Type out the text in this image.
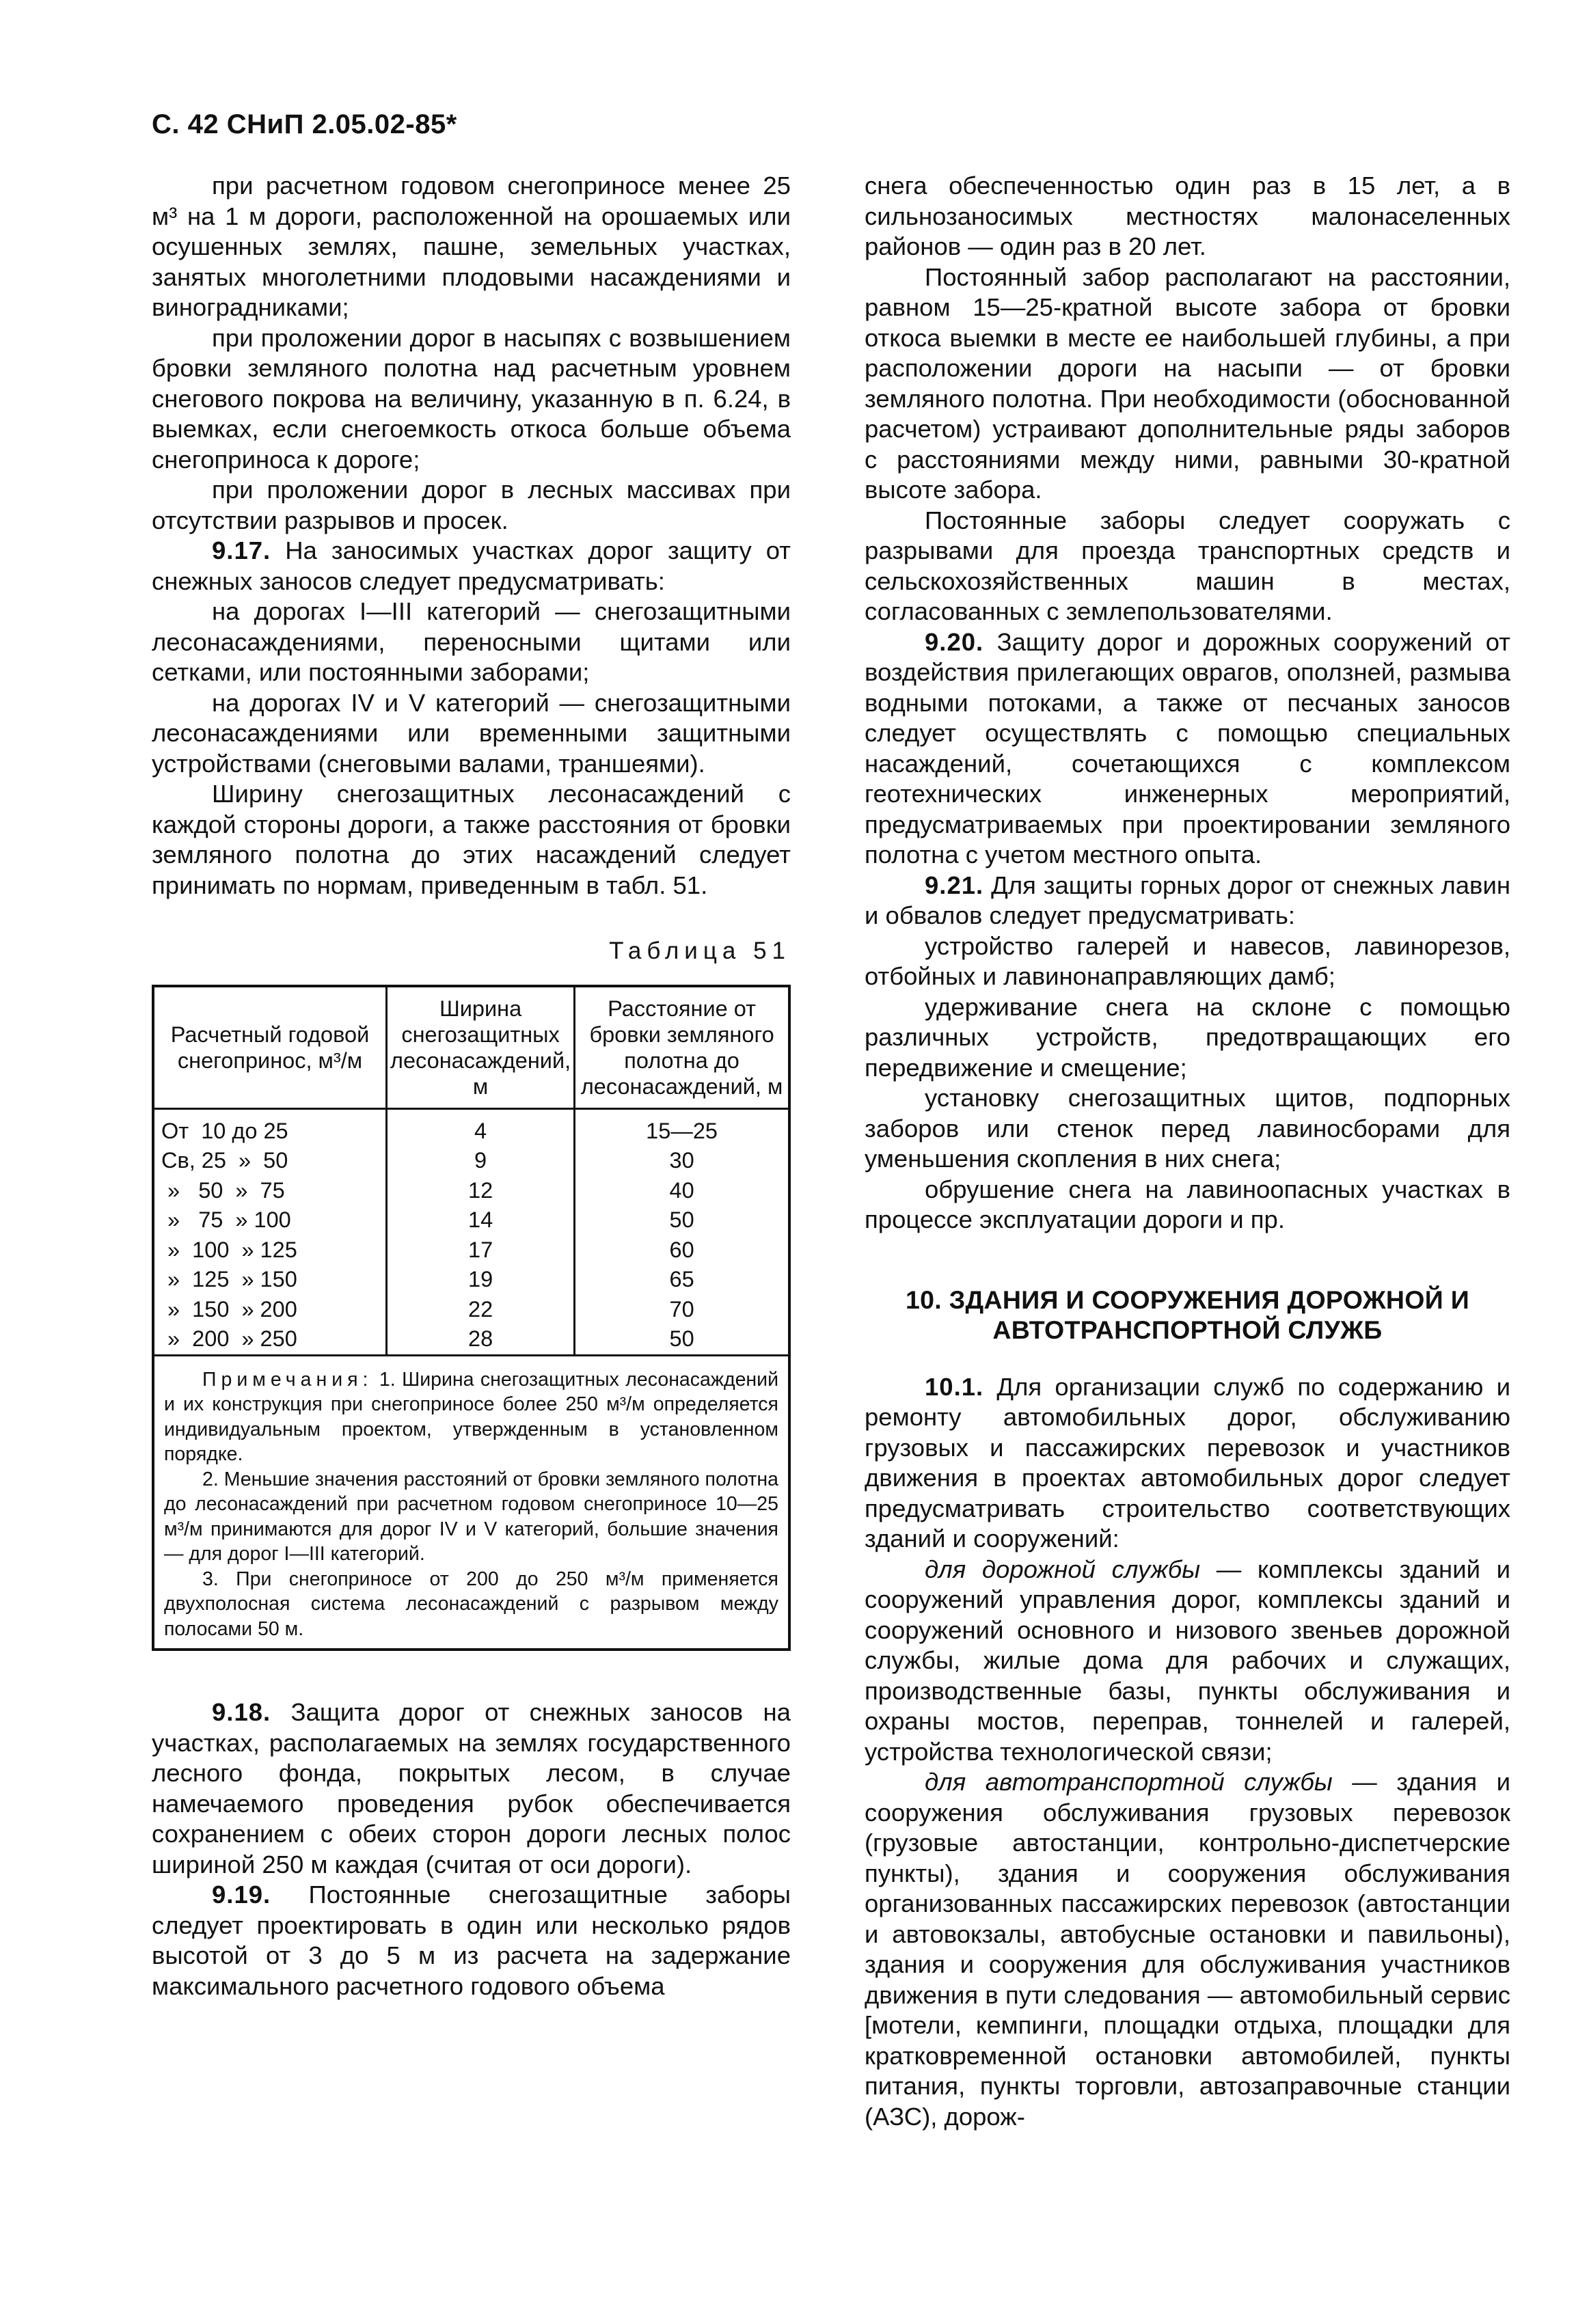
С. 42 СНиП 2.05.02-85*

при расчетном годовом снегоприносе менее 25 м³ на 1 м дороги, расположенной на орошаемых или осушенных землях, пашне, земельных участках, занятых многолетними плодовыми насаждениями и виноградниками;

при проложении дорог в насыпях с возвышением бровки земляного полотна над расчетным уровнем снегового покрова на величину, указанную в п. 6.24, в выемках, если снегоемкость откоса больше объема снегоприноса к дороге;

при проложении дорог в лесных массивах при отсутствии разрывов и просек.

9.17. На заносимых участках дорог защиту от снежных заносов следует предусматривать:

на дорогах I—III категорий — снегозащитными лесонасаждениями, переносными щитами или сетками, или постоянными заборами;

на дорогах IV и V категорий — снегозащитными лесонасаждениями или временными защитными устройствами (снеговыми валами, траншеями).

Ширину снегозащитных лесонасаждений с каждой стороны дороги, а также расстояния от бровки земляного полотна до этих насаждений следует принимать по нормам, приведенным в табл. 51.

Таблица 51

Расчетный годовой снегопринос, м³/м	Ширина снегозащитных лесонасаждений, м	Расстояние от бровки земляного полотна до лесонасаждений, м
От  10 до 25	4	15—25
Св, 25  »  50	9	30
»   50  »  75	12	40
»   75  » 100	14	50
»  100  » 125	17	60
»  125  » 150	19	65
»  150  » 200	22	70
»  200  » 250	28	50

Примечания: 1. Ширина снегозащитных лесонасаждений и их конструкция при снегоприносе более 250 м³/м определяется индивидуальным проектом, утвержденным в установленном порядке.

2. Меньшие значения расстояний от бровки земляного полотна до лесонасаждений при расчетном годовом снегоприносе 10—25 м³/м принимаются для дорог IV и V категорий, большие значения — для дорог I—III категорий.

3. При снегоприносе от 200 до 250 м³/м применяется двухполосная система лесонасаждений с разрывом между полосами 50 м.		

9.18. Защита дорог от снежных заносов на участках, располагаемых на землях государственного лесного фонда, покрытых лесом, в случае намечаемого проведения рубок обеспечивается сохранением с обеих сторон дороги лесных полос шириной 250 м каждая (считая от оси дороги).

9.19. Постоянные снегозащитные заборы следует проектировать в один или несколько рядов высотой от 3 до 5 м из расчета на задержание максимального расчетного годового объема

снега обеспеченностью один раз в 15 лет, а в сильнозаносимых местностях малонаселенных районов — один раз в 20 лет.

Постоянный забор располагают на расстоянии, равном 15—25-кратной высоте забора от бровки откоса выемки в месте ее наибольшей глубины, а при расположении дороги на насыпи — от бровки земляного полотна. При необходимости (обоснованной расчетом) устраивают дополнительные ряды заборов с расстояниями между ними, равными 30-кратной высоте забора.

Постоянные заборы следует сооружать с разрывами для проезда транспортных средств и сельскохозяйственных машин в местах, согласованных с землепользователями.

9.20. Защиту дорог и дорожных сооружений от воздействия прилегающих оврагов, оползней, размыва водными потоками, а также от песчаных заносов следует осуществлять с помощью специальных насаждений, сочетающихся с комплексом геотехнических инженерных мероприятий, предусматриваемых при проектировании земляного полотна с учетом местного опыта.

9.21. Для защиты горных дорог от снежных лавин и обвалов следует предусматривать:

устройство галерей и навесов, лавинорезов, отбойных и лавинонаправляющих дамб;

удерживание снега на склоне с помощью различных устройств, предотвращающих его передвижение и смещение;

установку снегозащитных щитов, подпорных заборов или стенок перед лавиносборами для уменьшения скопления в них снега;

обрушение снега на лавиноопасных участках в процессе эксплуатации дороги и пр.

10. ЗДАНИЯ И СООРУЖЕНИЯ ДОРОЖНОЙ И АВТОТРАНСПОРТНОЙ СЛУЖБ

10.1. Для организации служб по содержанию и ремонту автомобильных дорог, обслуживанию грузовых и пассажирских перевозок и участников движения в проектах автомобильных дорог следует предусматривать строительство соответствующих зданий и сооружений:

для дорожной службы — комплексы зданий и сооружений управления дорог, комплексы зданий и сооружений основного и низового звеньев дорожной службы, жилые дома для рабочих и служащих, производственные базы, пункты обслуживания и охраны мостов, переправ, тоннелей и галерей, устройства технологической связи;

для автотранспортной службы — здания и сооружения обслуживания грузовых перевозок (грузовые автостанции, контрольно-диспетчерские пункты), здания и сооружения обслуживания организованных пассажирских перевозок (автостанции и автовокзалы, автобусные остановки и павильоны), здания и сооружения для обслуживания участников движения в пути следования — автомобильный сервис [мотели, кемпинги, площадки отдыха, площадки для кратковременной остановки автомобилей, пункты питания, пункты торговли, автозаправочные станции (АЗС), дорож-
